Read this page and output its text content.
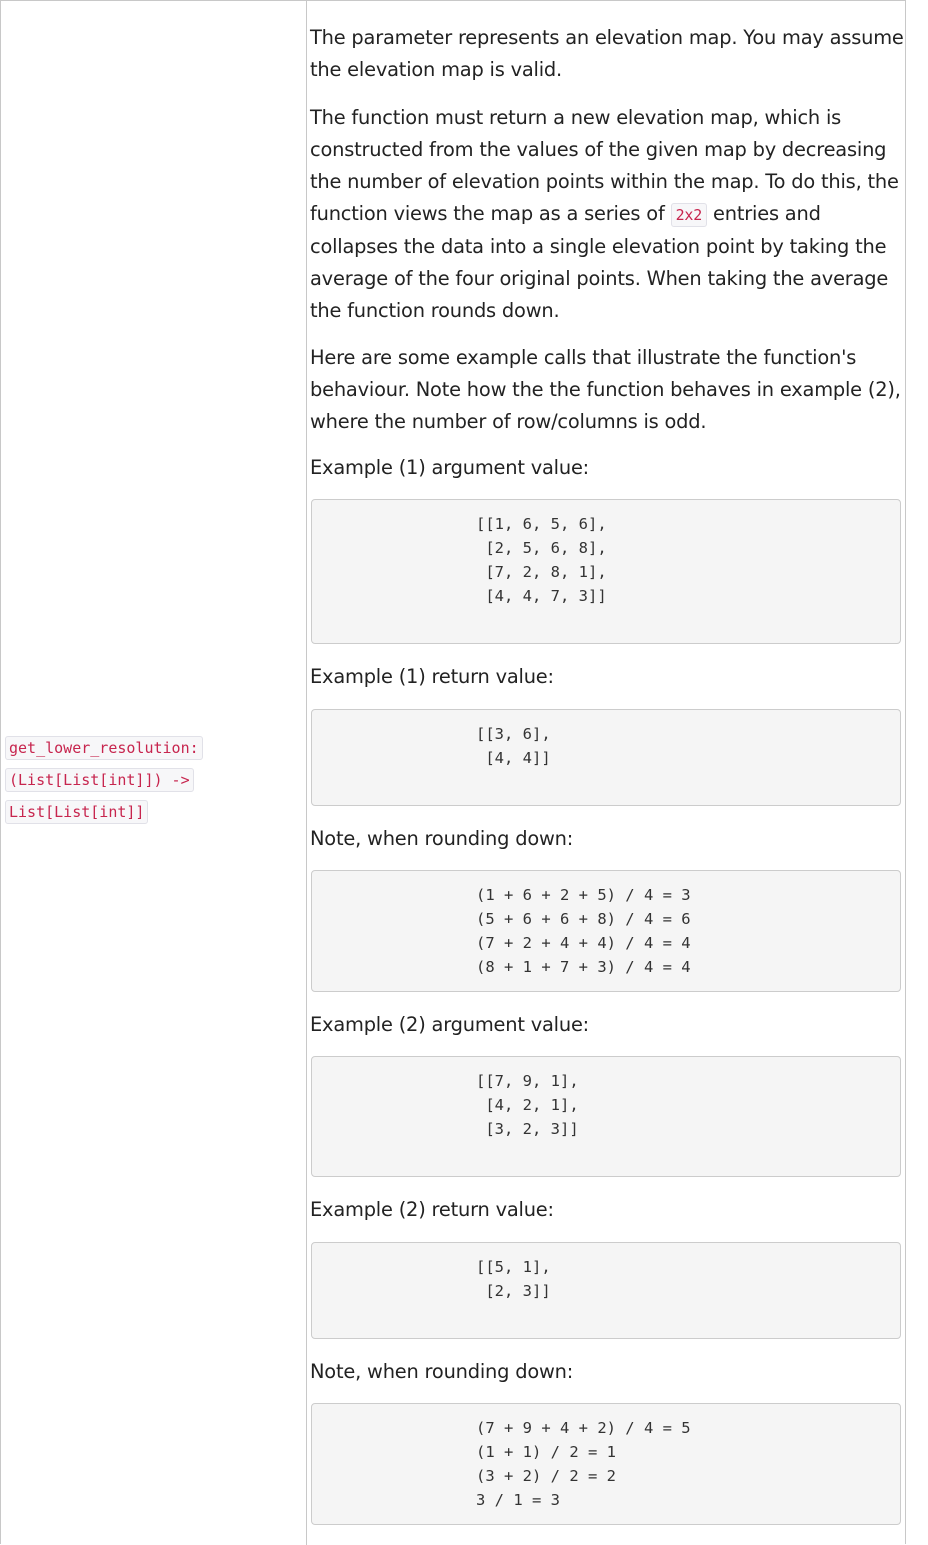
get_lower_resolution:
(List[List[int]]) ->
List[List[int]]

The parameter represents an elevation map. You may assume the elevation map is valid.

The function must return a new elevation map, which is constructed from the values of the given map by decreasing the number of elevation points within the map. To do this, the function views the map as a series of 2x2 entries and collapses the data into a single elevation point by taking the average of the four original points. When taking the average the function rounds down.

Here are some example calls that illustrate the function's behaviour. Note how the the function behaves in example (2), where the number of row/columns is odd.

Example (1) argument value:
[[1, 6, 5, 6],
[2, 5, 6, 8],
[7, 2, 8, 1],
[4, 4, 7, 3]]
Example (1) return value:
[[3, 6],
[4, 4]]
Note, when rounding down:
(1 + 6 + 2 + 5) / 4 = 3
(5 + 6 + 6 + 8) / 4 = 6
(7 + 2 + 4 + 4) / 4 = 4
(8 + 1 + 7 + 3) / 4 = 4
Example (2) argument value:
[[7, 9, 1],
[4, 2, 1],
[3, 2, 3]]
Example (2) return value:
[[5, 1],
[2, 3]]
Note, when rounding down:
(7 + 9 + 4 + 2) / 4 = 5
(1 + 1) / 2 = 1
(3 + 2) / 2 = 2
3 / 1 = 3
